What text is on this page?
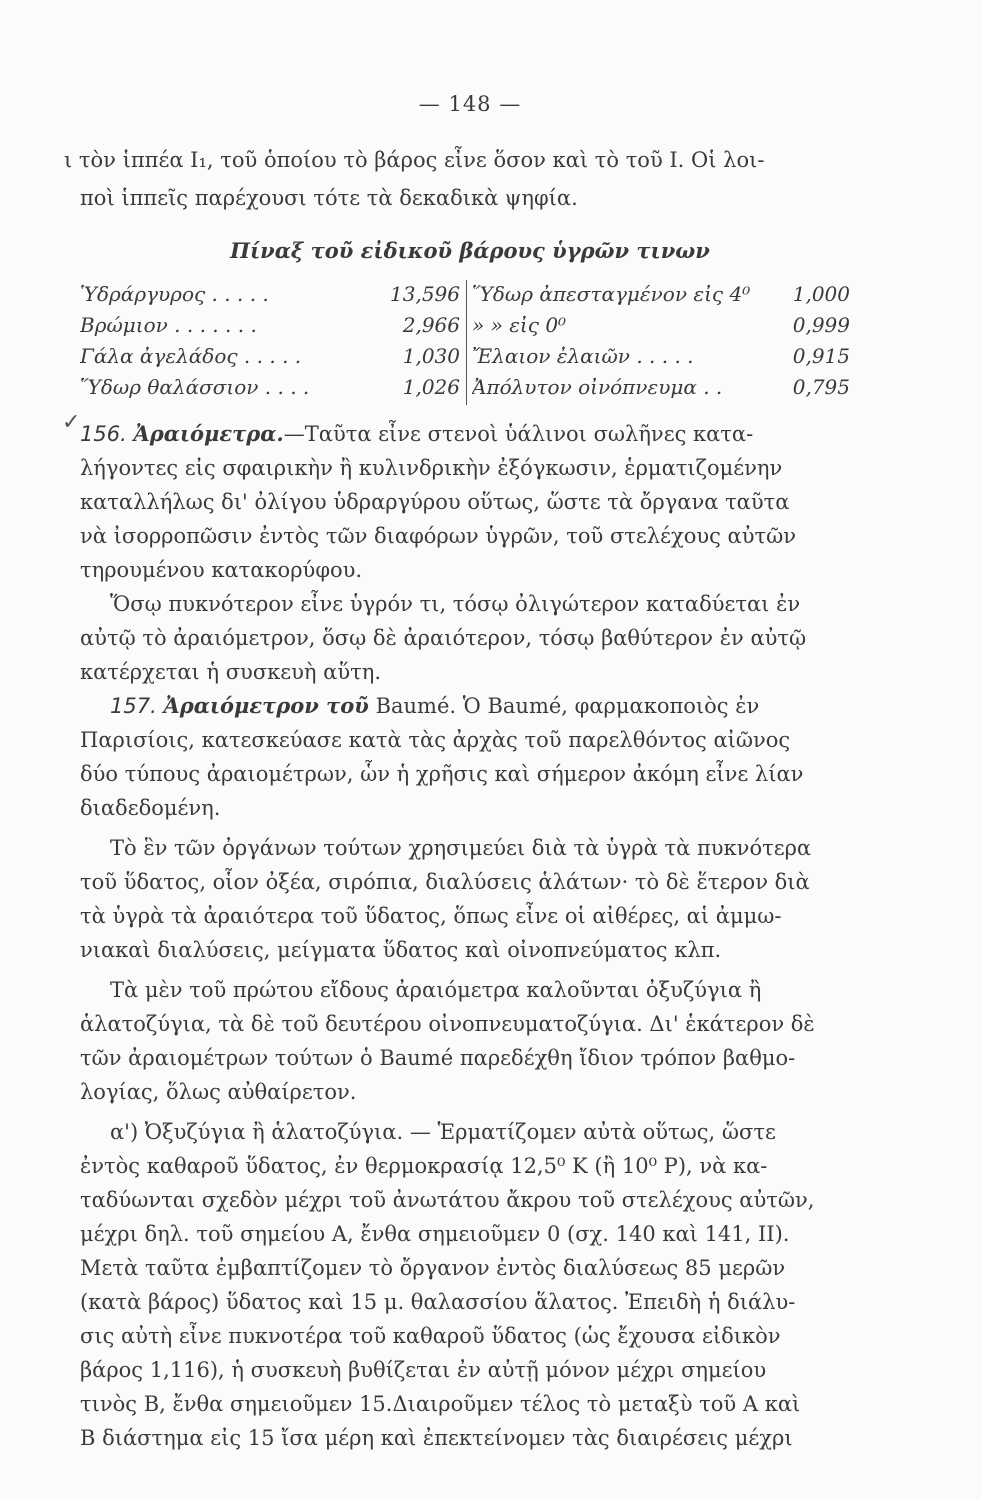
— 148 —
ι τὸν ἱππέα I₁, τοῦ ὁποίου τὸ βάρος εἶνε ὅσον καὶ τὸ τοῦ I. Οἱ λοι-
ποὶ ἱππεῖς παρέχουσι τότε τὰ δεκαδικὰ ψηφία.
Πίναξ τοῦ εἰδικοῦ βάρους ὑγρῶν τινων
Ὑδράργυρος . . . . .	13,596 Ὕδωρ ἀπεσταγμένον εἰς 4⁰	1,000
Βρώμιον . . . . . . .	2,966 » » εἰς 0⁰	0,999
Γάλα ἀγελάδος . . . . .	1,030 Ἔλαιον ἐλαιῶν . . . . .	0,915
Ὕδωρ θαλάσσιον . . . .	1,026 Ἀπόλυτον οἰνόπνευμα . .	0,795
✓ 156. Ἀραιόμετρα.—Ταῦτα εἶνε στενοὶ ὑάλινοι σωλῆνες κατα-
λήγοντες εἰς σφαιρικὴν ἢ κυλινδρικὴν ἐξόγκωσιν, ἑρματιζομένην
καταλλήλως δι' ὀλίγου ὑδραργύρου οὕτως, ὥστε τὰ ὄργανα ταῦτα
νὰ ἰσορροπῶσιν ἐντὸς τῶν διαφόρων ὑγρῶν, τοῦ στελέχους αὐτῶν
τηρουμένου κατακορύφου.
Ὅσῳ πυκνότερον εἶνε ὑγρόν τι, τόσῳ ὀλιγώτερον καταδύεται ἐν
αὐτῷ τὸ ἀραιόμετρον, ὅσῳ δὲ ἀραιότερον, τόσῳ βαθύτερον ἐν αὐτῷ
κατέρχεται ἡ συσκευὴ αὕτη.
157. Ἀραιόμετρον τοῦ Baumé. Ὁ Baumé, φαρμακοποιὸς ἐν
Παρισίοις, κατεσκεύασε κατὰ τὰς ἀρχὰς τοῦ παρελθόντος αἰῶνος
δύο τύπους ἀραιομέτρων, ὧν ἡ χρῆσις καὶ σήμερον ἀκόμη εἶνε λίαν
διαδεδομένη.
Τὸ ἓν τῶν ὀργάνων τούτων χρησιμεύει διὰ τὰ ὑγρὰ τὰ πυκνότερα
τοῦ ὕδατος, οἷον ὀξέα, σιρόπια, διαλύσεις ἁλάτων· τὸ δὲ ἕτερον διὰ
τὰ ὑγρὰ τὰ ἀραιότερα τοῦ ὕδατος, ὅπως εἶνε οἱ αἰθέρες, αἱ ἀμμω-
νιακαὶ διαλύσεις, μείγματα ὕδατος καὶ οἰνοπνεύματος κλπ.
Τὰ μὲν τοῦ πρώτου εἴδους ἀραιόμετρα καλοῦνται ὀξυζύγια ἢ
ἁλατοζύγια, τὰ δὲ τοῦ δευτέρου οἰνοπνευματοζύγια. Δι' ἑκάτερον δὲ
τῶν ἀραιομέτρων τούτων ὁ Baumé παρεδέχθη ἴδιον τρόπον βαθμο-
λογίας, ὅλως αὐθαίρετον.
α') Ὀξυζύγια ἢ ἁλατοζύγια. — Ἑρματίζομεν αὐτὰ οὕτως, ὥστε
ἐντὸς καθαροῦ ὕδατος, ἐν θερμοκρασίᾳ 12,5⁰ K (ἢ 10⁰ P), νὰ κα-
ταδύωνται σχεδὸν μέχρι τοῦ ἀνωτάτου ἄκρου τοῦ στελέχους αὐτῶν,
μέχρι δηλ. τοῦ σημείου A, ἔνθα σημειοῦμεν 0 (σχ. 140 καὶ 141, II).
Μετὰ ταῦτα ἐμβαπτίζομεν τὸ ὄργανον ἐντὸς διαλύσεως 85 μερῶν
(κατὰ βάρος) ὕδατος καὶ 15 μ. θαλασσίου ἅλατος. Ἐπειδὴ ἡ διάλυ-
σις αὐτὴ εἶνε πυκνοτέρα τοῦ καθαροῦ ὕδατος (ὡς ἔχουσα εἰδικὸν
βάρος 1,116), ἡ συσκευὴ βυθίζεται ἐν αὐτῇ μόνον μέχρι σημείου
τινὸς B, ἔνθα σημειοῦμεν 15.Διαιροῦμεν τέλος τὸ μεταξὺ τοῦ A καὶ
B διάστημα εἰς 15 ἴσα μέρη καὶ ἐπεκτείνομεν τὰς διαιρέσεις μέχρι
